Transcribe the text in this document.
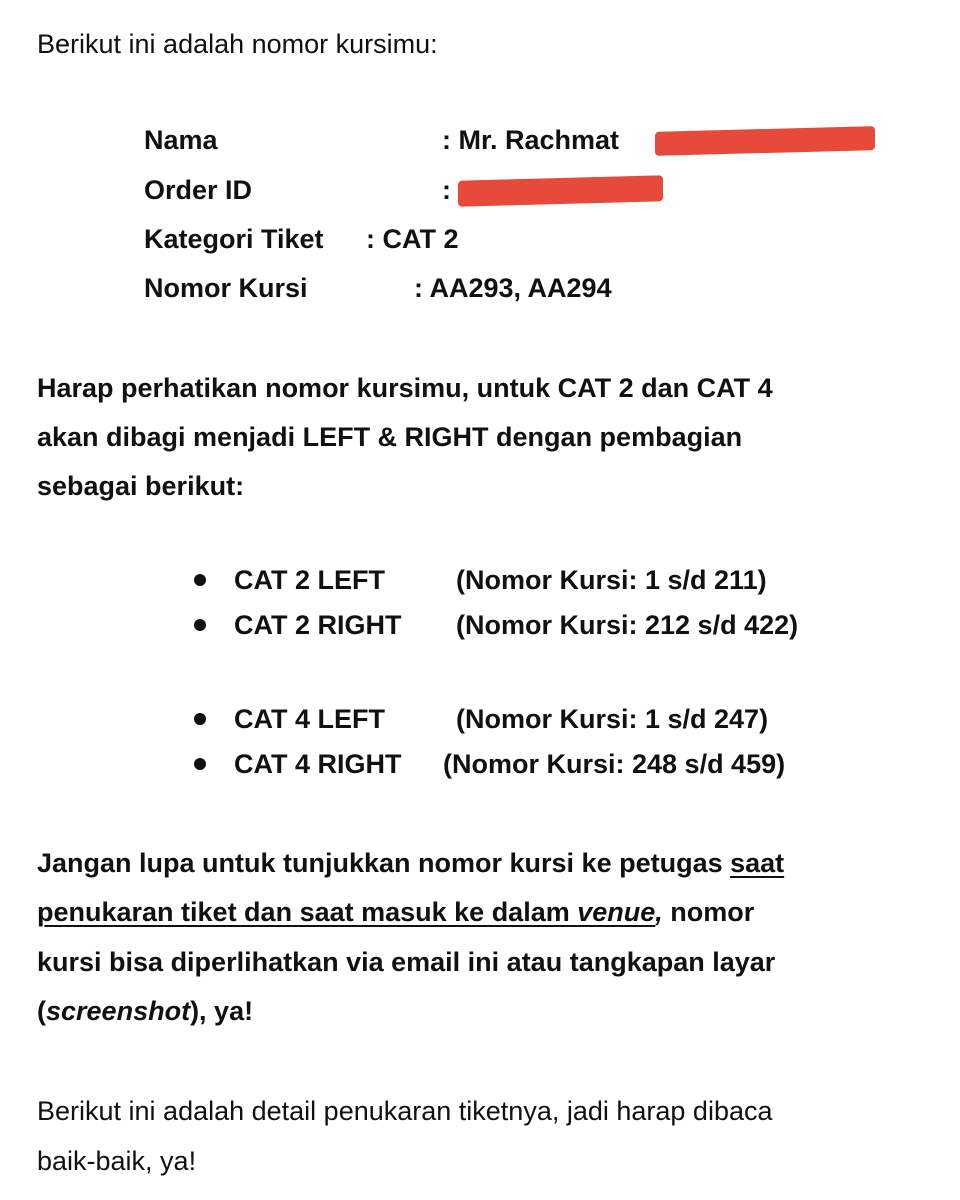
Berikut ini adalah nomor kursimu:

Nama	: Mr. Rachmat
Order ID	:
Kategori Tiket : CAT 2
Nomor Kursi	: AA293, AA294

Harap perhatikan nomor kursimu, untuk CAT 2 dan CAT 4

akan dibagi menjadi LEFT & RIGHT dengan pembagian

sebagai berikut:

CAT 2 LEFT	(Nomor Kursi: 1 s/d 211)
CAT 2 RIGHT (Nomor Kursi: 212 s/d 422)
CAT 4 LEFT	(Nomor Kursi: 1 s/d 247)
CAT 4 RIGHT (Nomor Kursi: 248 s/d 459)

Jangan lupa untuk tunjukkan nomor kursi ke petugas saat

penukaran tiket dan saat masuk ke dalam venue, nomor

kursi bisa diperlihatkan via email ini atau tangkapan layar

(screenshot), ya!

Berikut ini adalah detail penukaran tiketnya, jadi harap dibaca

baik-baik, ya!
